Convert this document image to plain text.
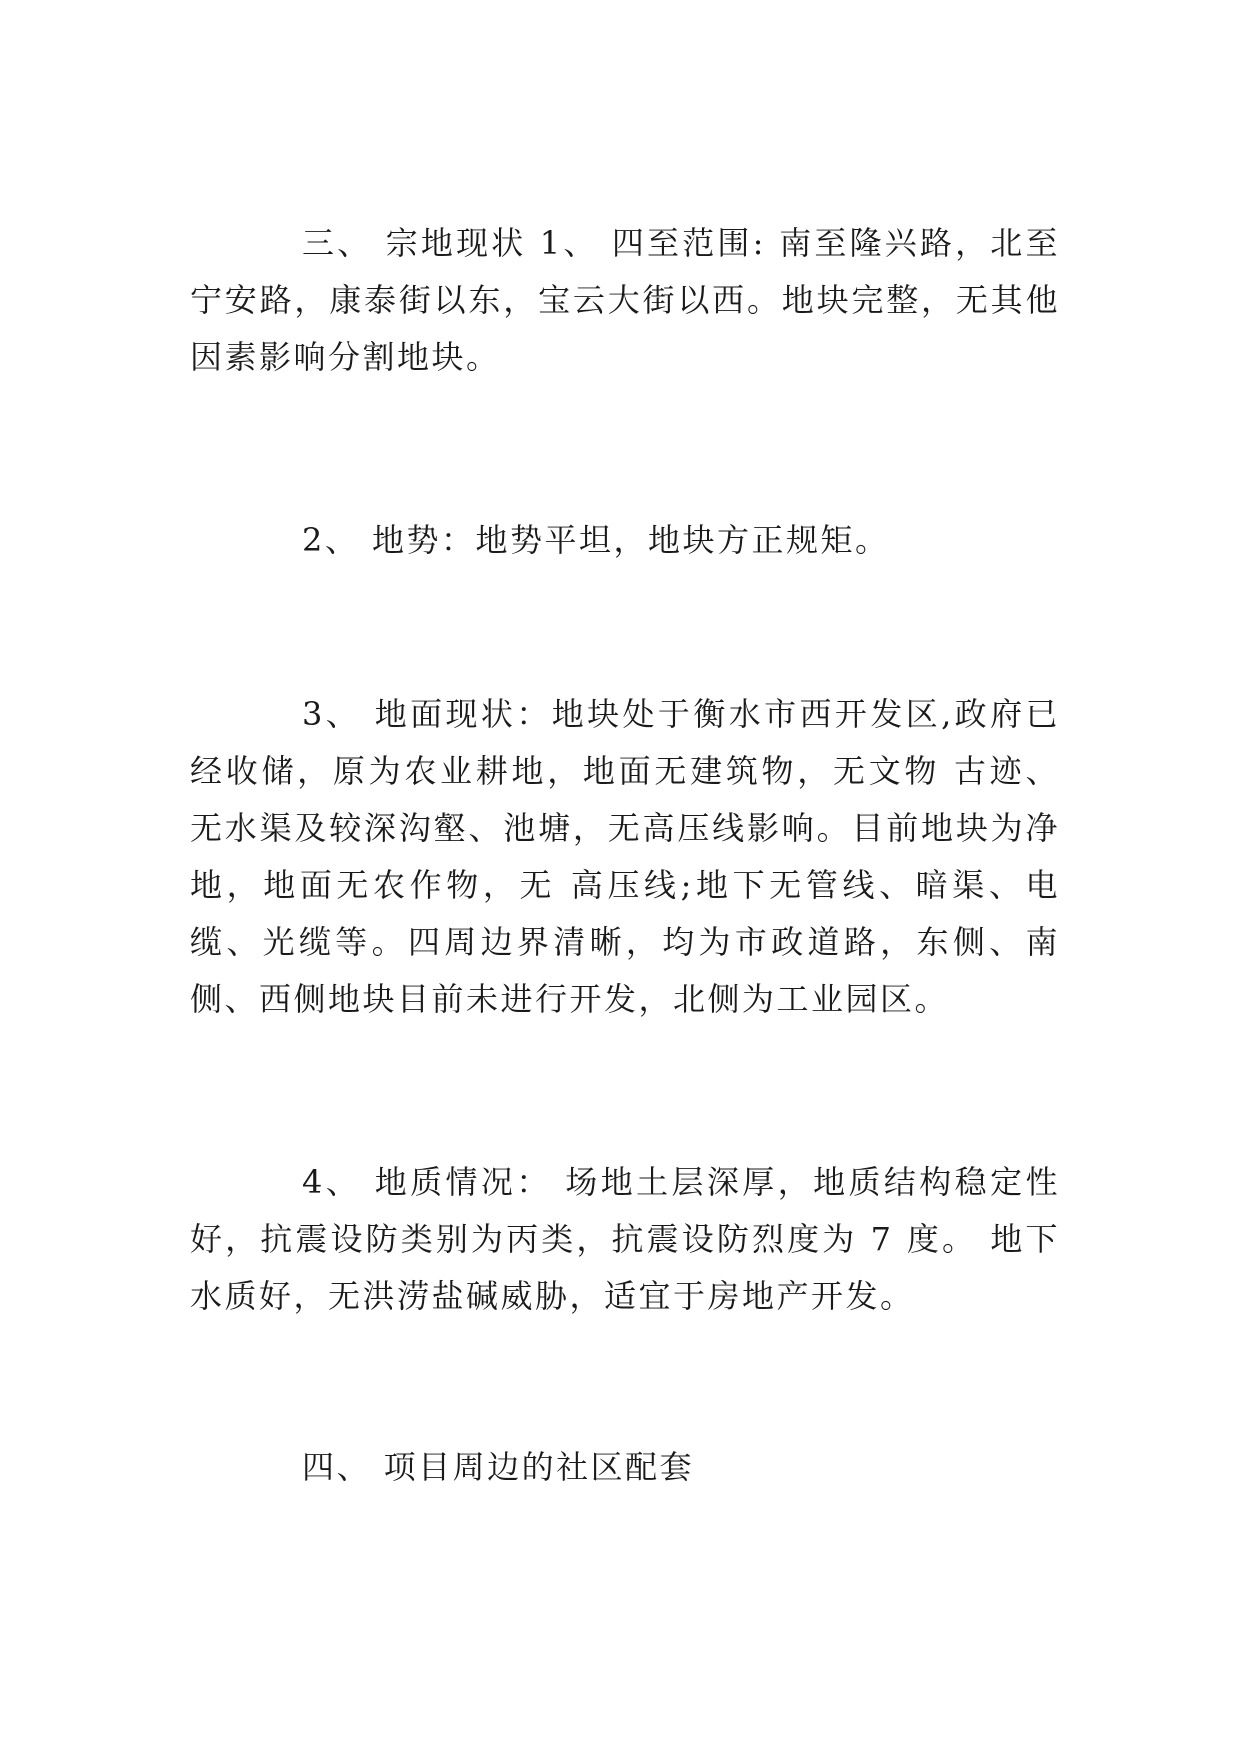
三、 宗地现状 1、 四至范围: 南至隆兴路，北至宁安路，康泰街以东，宝云大街以西。地块完整，无其他因素影响分割地块。

2、 地势：地势平坦，地块方正规矩。

3、 地面现状：地块处于衡水市西开发区,政府已经收储，原为农业耕地，地面无建筑物，无文物 古迹、无水渠及较深沟壑、池塘，无高压线影响。目前地块为净地，地面无农作物，无 高压线;地下无管线、暗渠、电缆、光缆等。四周边界清晰，均为市政道路，东侧、南 侧、西侧地块目前未进行开发，北侧为工业园区。

4、 地质情况： 场地土层深厚，地质结构稳定性好，抗震设防类别为丙类，抗震设防烈度为 7 度。 地下水质好，无洪涝盐碱威胁，适宜于房地产开发。

四、 项目周边的社区配套
